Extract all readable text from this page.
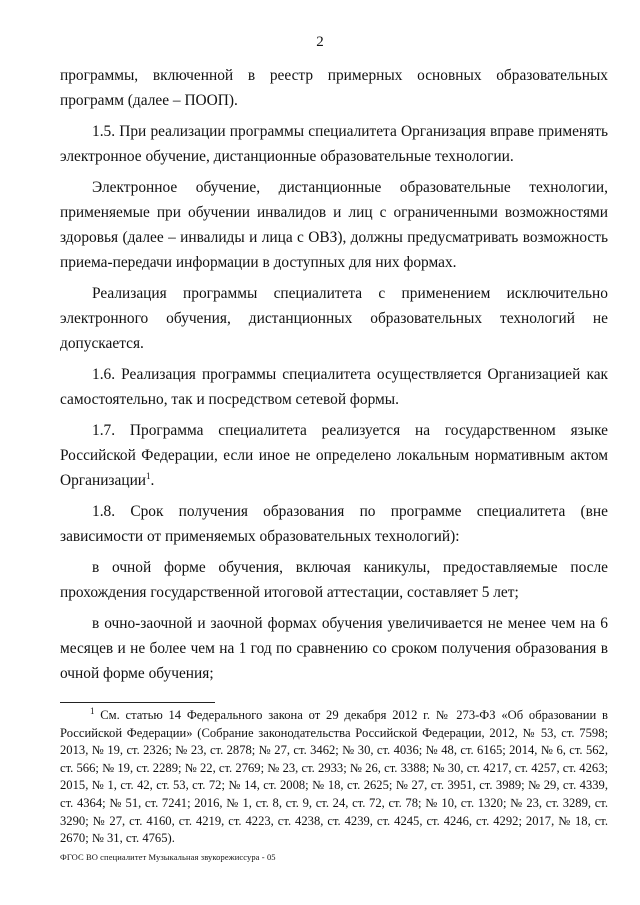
2

программы, включенной в реестр примерных основных образовательных программ (далее – ПООП).

1.5. При реализации программы специалитета Организация вправе применять электронное обучение, дистанционные образовательные технологии.

Электронное обучение, дистанционные образовательные технологии, применяемые при обучении инвалидов и лиц с ограниченными возможностями здоровья (далее – инвалиды и лица с ОВЗ), должны предусматривать возможность приема-передачи информации в доступных для них формах.

Реализация программы специалитета с применением исключительно электронного обучения, дистанционных образовательных технологий не допускается.

1.6. Реализация программы специалитета осуществляется Организацией как самостоятельно, так и посредством сетевой формы.

1.7. Программа специалитета реализуется на государственном языке Российской Федерации, если иное не определено локальным нормативным актом Организации$^1$.

1.8. Срок получения образования по программе специалитета (вне зависимости от применяемых образовательных технологий):

в очной форме обучения, включая каникулы, предоставляемые после прохождения государственной итоговой аттестации, составляет 5 лет;

в очно-заочной и заочной формах обучения увеличивается не менее чем на 6 месяцев и не более чем на 1 год по сравнению со сроком получения образования в очной форме обучения;

$^1$ См. статью 14 Федерального закона от 29 декабря 2012 г. № 273-ФЗ «Об образовании в Российской Федерации» (Собрание законодательства Российской Федерации, 2012, № 53, ст. 7598; 2013, № 19, ст. 2326; № 23, ст. 2878; № 27, ст. 3462; № 30, ст. 4036; № 48, ст. 6165; 2014, № 6, ст. 562, ст. 566; № 19, ст. 2289; № 22, ст. 2769; № 23, ст. 2933; № 26, ст. 3388; № 30, ст. 4217, ст. 4257, ст. 4263; 2015, № 1, ст. 42, ст. 53, ст. 72; № 14, ст. 2008; № 18, ст. 2625; № 27, ст. 3951, ст. 3989; № 29, ст. 4339, ст. 4364; № 51, ст. 7241; 2016, № 1, ст. 8, ст. 9, ст. 24, ст. 72, ст. 78; № 10, ст. 1320; № 23, ст. 3289, ст. 3290; № 27, ст. 4160, ст. 4219, ст. 4223, ст. 4238, ст. 4239, ст. 4245, ст. 4246, ст. 4292; 2017, № 18, ст. 2670; № 31, ст. 4765).

ФГОС ВО специалитет Музыкальная звукорежиссура - 05
